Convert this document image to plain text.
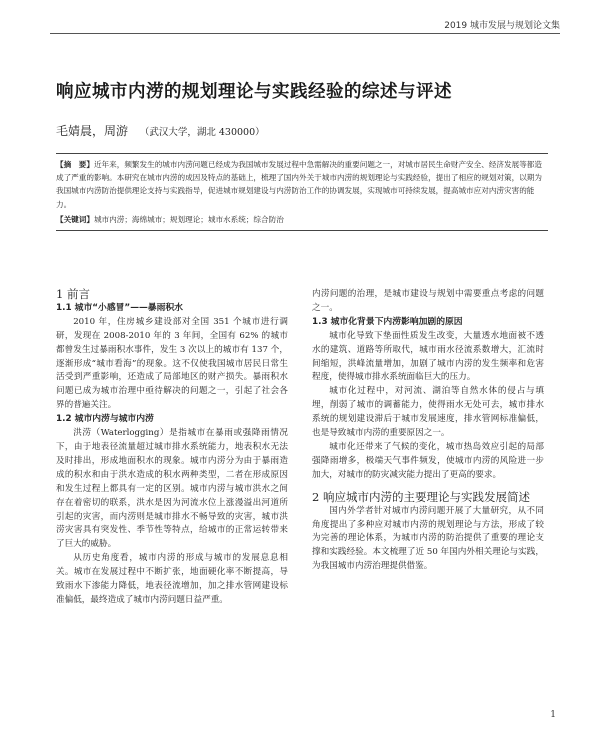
2019 城市发展与规划论文集
响应城市内涝的规划理论与实践经验的综述与评述
毛婧晨，周游 （武汉大学，湖北 430000）
【摘　要】近年来，频繁发生的城市内涝问题已经成为我国城市发展过程中急需解决的重要问题之一，对城市居民生命财产安全、经济发展等都造成了严重的影响。本研究在城市内涝的成因及特点的基础上，梳理了国内外关于城市内涝的规划理论与实践经验，提出了相应的规划对策，以期为我国城市内涝防治提供理论支持与实践指导，促进城市规划建设与内涝防治工作的协调发展，实现城市可持续发展，提高城市应对内涝灾害的能力。
【关键词】城市内涝；海绵城市；规划理论；城市水系统；综合防治

1 前言

1.1 城市“小感冒”——暴雨积水

2010 年，住房城乡建设部对全国 351 个城市进行调研，发现在 2008-2010 年的 3 年间，全国有 62% 的城市都曾发生过暴雨积水事件，发生 3 次以上的城市有 137 个，逐渐形成“城市看海”的现象。这不仅使我国城市居民日常生活受到严重影响，还造成了局部地区的财产损失。暴雨积水问题已成为城市治理中亟待解决的问题之一，引起了社会各界的普遍关注。

1.2 城市内涝与城市内涝

洪涝（Waterlogging）是指城市在暴雨或强降雨情况下，由于地表径流量超过城市排水系统能力，地表积水无法及时排出，形成地面积水的现象。城市内涝分为由于暴雨造成的积水和由于洪水造成的积水两种类型，二者在形成原因和发生过程上都具有一定的区别。城市内涝与城市洪水之间存在着密切的联系，洪水是因为河流水位上涨漫溢出河道所引起的灾害，而内涝则是城市排水不畅导致的灾害，城市洪涝灾害具有突发性、季节性等特点，给城市的正常运转带来了巨大的威胁。

从历史角度看，城市内涝的形成与城市的发展息息相关。城市在发展过程中不断扩张，地面硬化率不断提高，导致雨水下渗能力降低，地表径流增加，加之排水管网建设标准偏低，最终造成了城市内涝问题日益严重。

内涝问题的治理，是城市建设与规划中需要重点考虑的问题之一。

1.3 城市化背景下内涝影响加剧的原因

城市化导致下垫面性质发生改变，大量透水地面被不透水的建筑、道路等所取代，城市雨水径流系数增大，汇流时间缩短，洪峰流量增加，加剧了城市内涝的发生频率和危害程度，使得城市排水系统面临巨大的压力。

城市化过程中，对河流、湖泊等自然水体的侵占与填埋，削弱了城市的调蓄能力，使得雨水无处可去，城市排水系统的规划建设滞后于城市发展速度，排水管网标准偏低，也是导致城市内涝的重要原因之一。

城市化还带来了气候的变化，城市热岛效应引起的局部强降雨增多，极端天气事件频发，使城市内涝的风险进一步加大，对城市的防灾减灾能力提出了更高的要求。

2 响应城市内涝的主要理论与实践发展简述

国内外学者针对城市内涝问题开展了大量研究，从不同角度提出了多种应对城市内涝的规划理论与方法，形成了较为完善的理论体系，为城市内涝的防治提供了重要的理论支撑和实践经验。本文梳理了近 50 年国内外相关理论与实践，为我国城市内涝治理提供借鉴。

1
